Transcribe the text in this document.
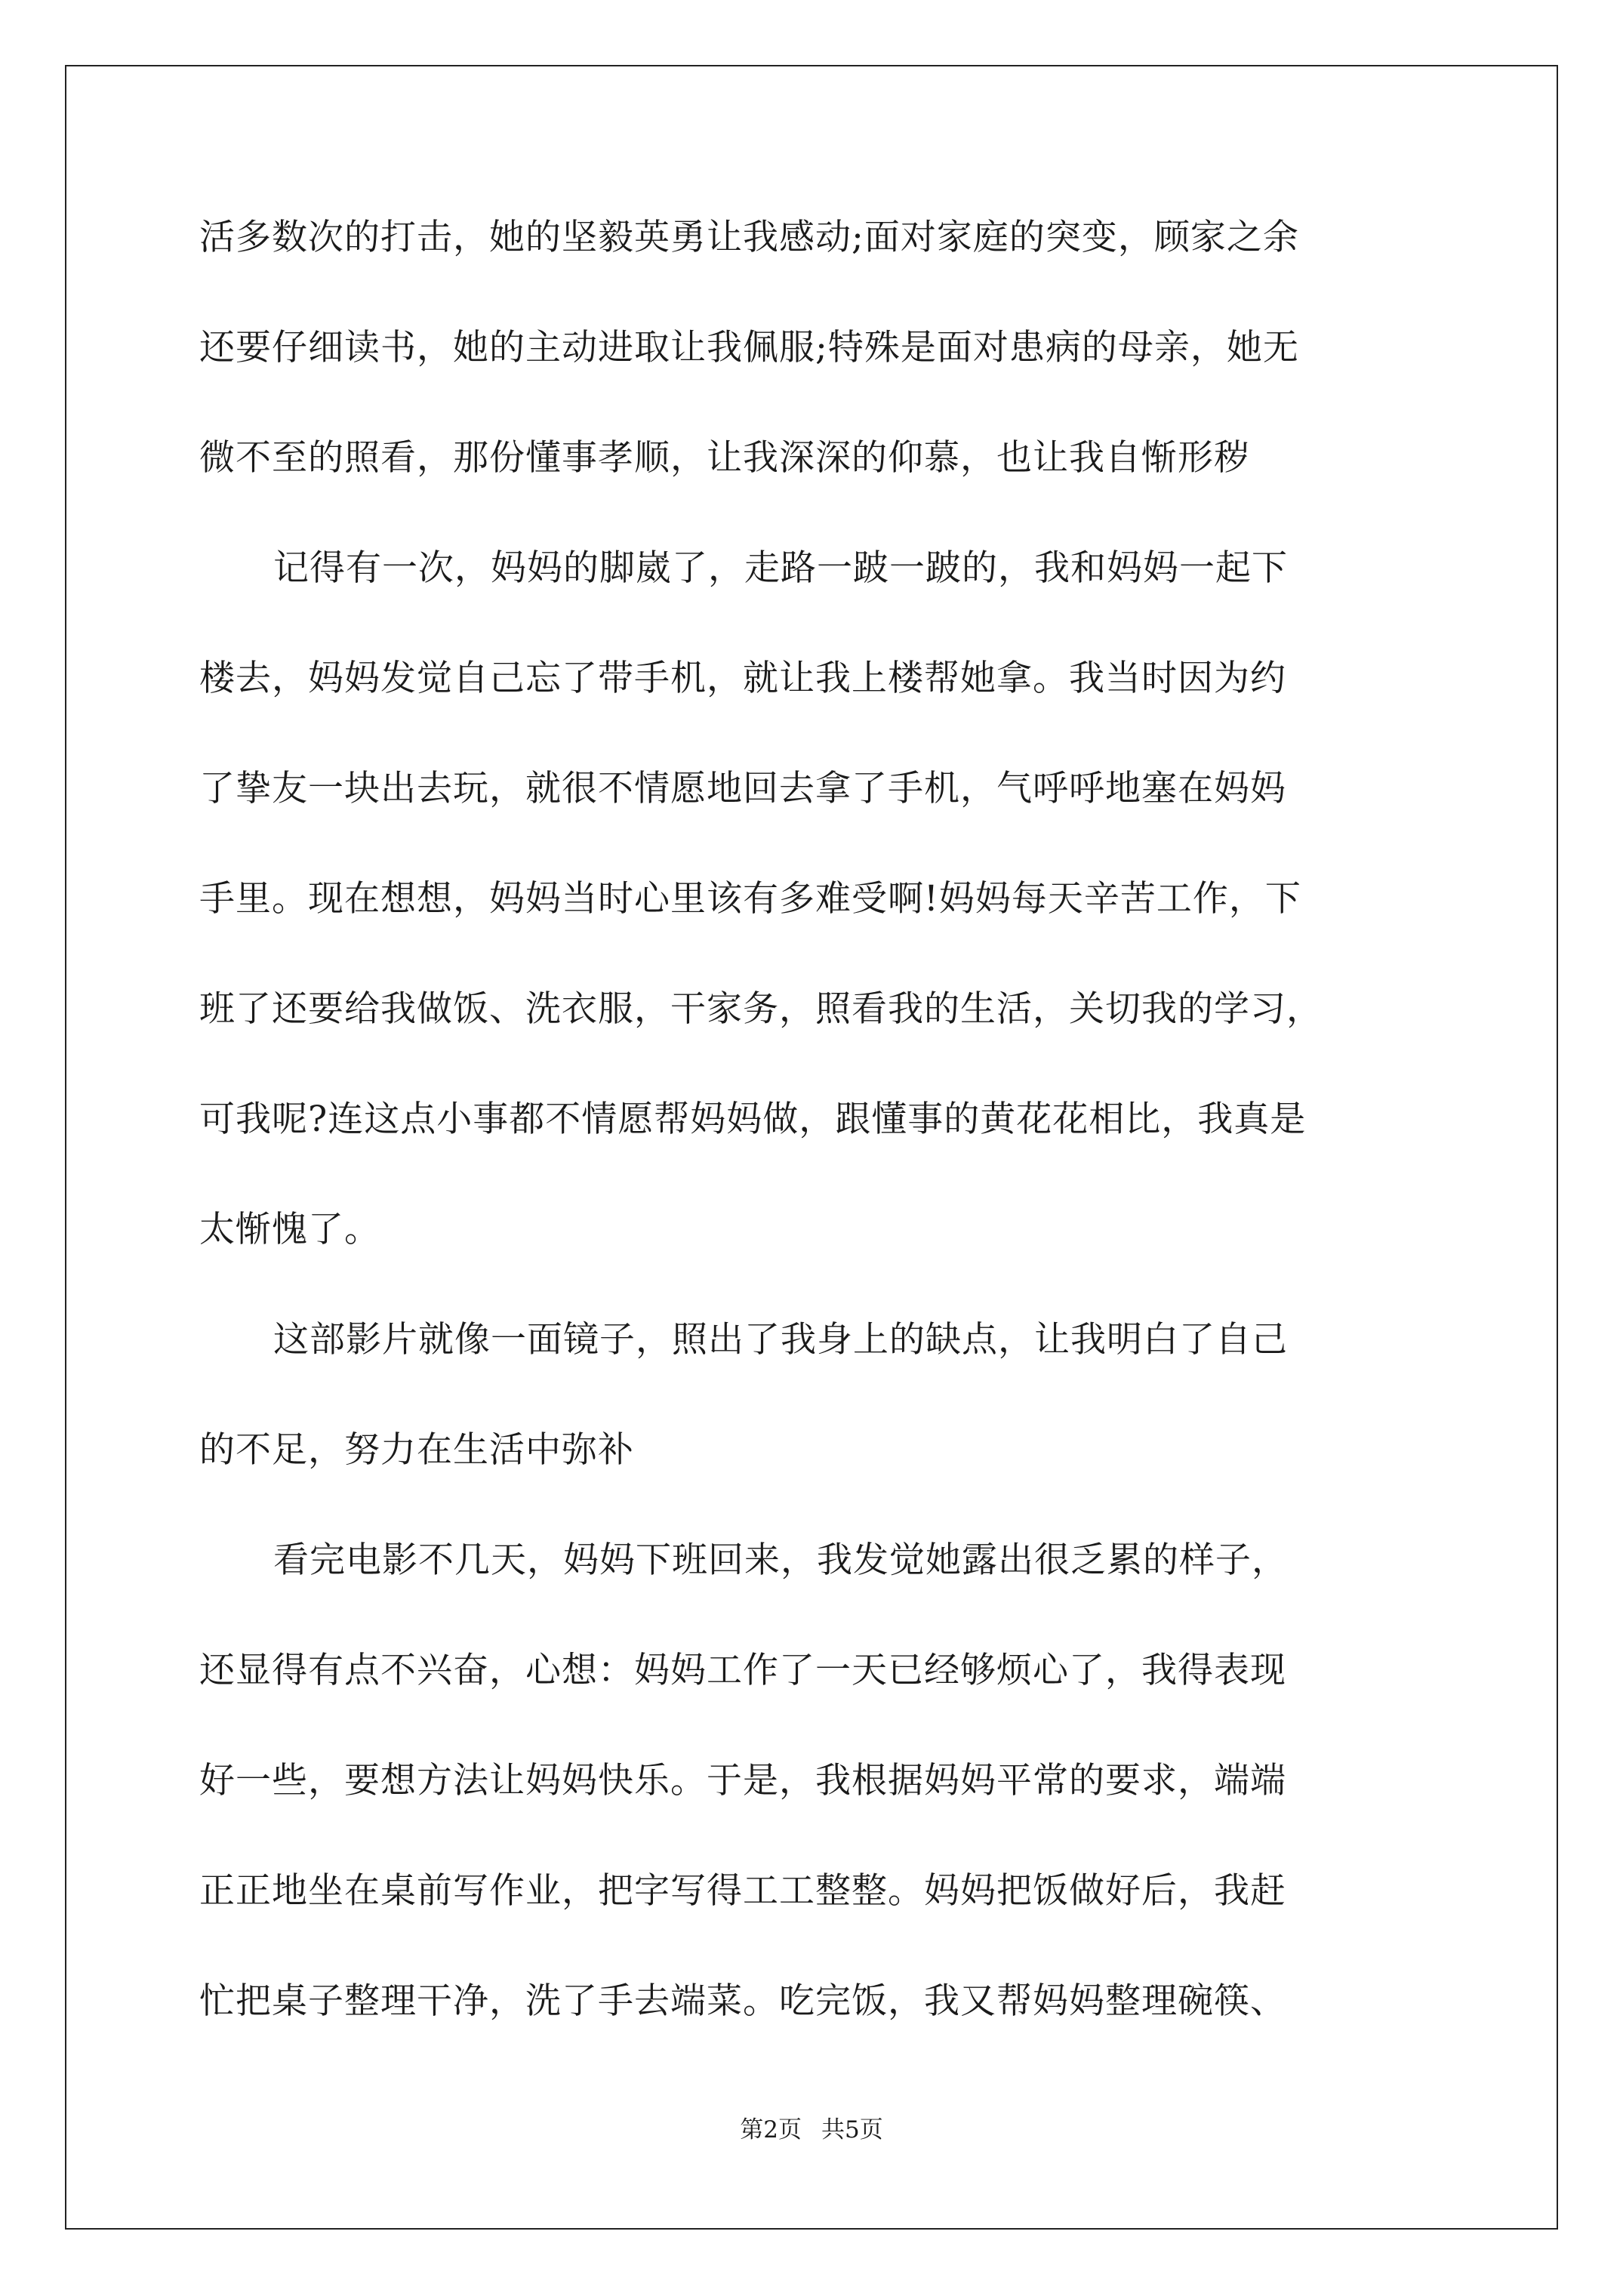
活多数次的打击，她的坚毅英勇让我感动;面对家庭的突变，顾家之余
还要仔细读书，她的主动进取让我佩服;特殊是面对患病的母亲，她无
微不至的照看，那份懂事孝顺，让我深深的仰慕，也让我自惭形秽
记得有一次，妈妈的脚崴了，走路一跛一跛的，我和妈妈一起下
楼去，妈妈发觉自己忘了带手机，就让我上楼帮她拿。我当时因为约
了挚友一块出去玩，就很不情愿地回去拿了手机，气呼呼地塞在妈妈
手里。现在想想，妈妈当时心里该有多难受啊!妈妈每天辛苦工作，下
班了还要给我做饭、洗衣服，干家务，照看我的生活，关切我的学习，
可我呢?连这点小事都不情愿帮妈妈做，跟懂事的黄花花相比，我真是
太惭愧了。
这部影片就像一面镜子，照出了我身上的缺点，让我明白了自己
的不足，努力在生活中弥补
看完电影不几天，妈妈下班回来，我发觉她露出很乏累的样子，
还显得有点不兴奋，心想：妈妈工作了一天已经够烦心了，我得表现
好一些，要想方法让妈妈快乐。于是，我根据妈妈平常的要求，端端
正正地坐在桌前写作业，把字写得工工整整。妈妈把饭做好后，我赶
忙把桌子整理干净，洗了手去端菜。吃完饭，我又帮妈妈整理碗筷、
第2页 共5页
